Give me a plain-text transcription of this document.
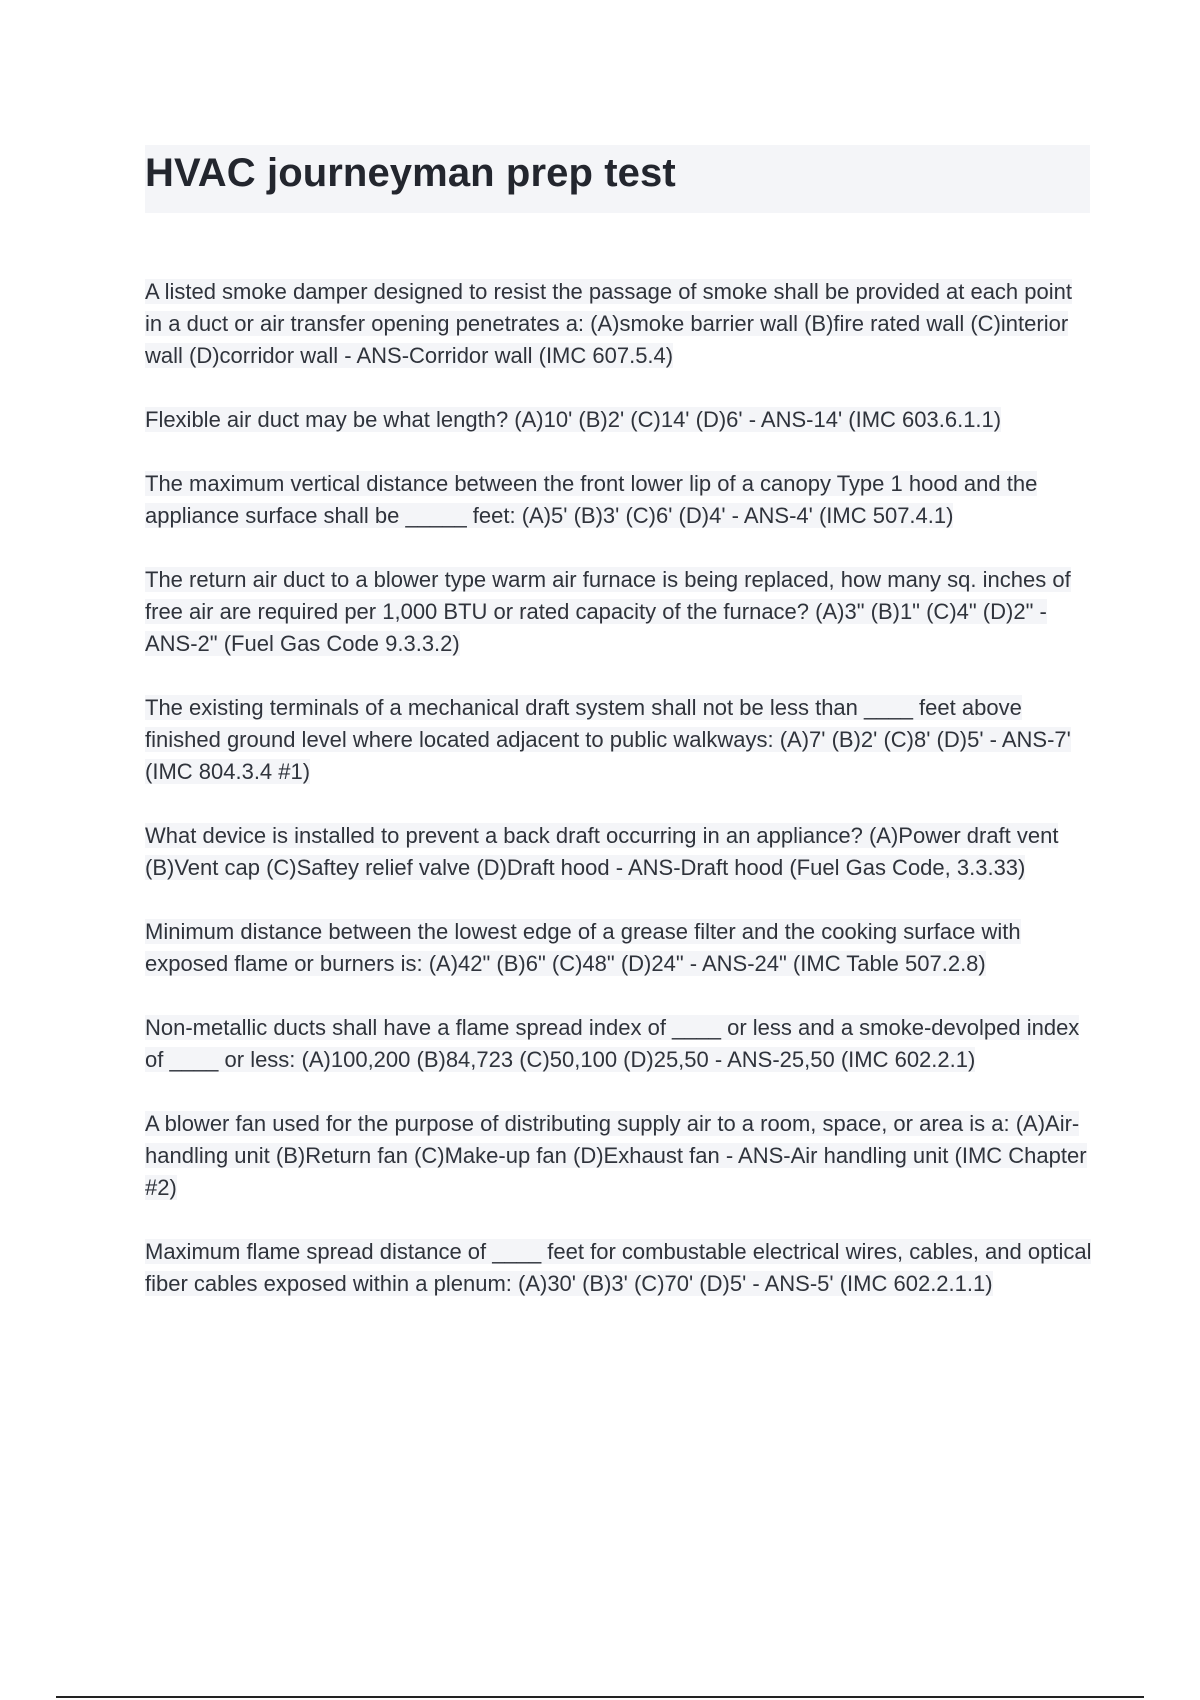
HVAC journeyman prep test

A listed smoke damper designed to resist the passage of smoke shall be provided at each point in a duct or air transfer opening penetrates a: (A)smoke barrier wall (B)fire rated wall (C)interior wall (D)corridor wall - ANS-Corridor wall (IMC 607.5.4)

Flexible air duct may be what length? (A)10' (B)2' (C)14' (D)6' - ANS-14' (IMC 603.6.1.1)

The maximum vertical distance between the front lower lip of a canopy Type 1 hood and the appliance surface shall be _____ feet: (A)5' (B)3' (C)6' (D)4' - ANS-4' (IMC 507.4.1)

The return air duct to a blower type warm air furnace is being replaced, how many sq. inches of free air are required per 1,000 BTU or rated capacity of the furnace? (A)3" (B)1" (C)4" (D)2" - ANS-2" (Fuel Gas Code 9.3.3.2)

The existing terminals of a mechanical draft system shall not be less than ____ feet above finished ground level where located adjacent to public walkways: (A)7' (B)2' (C)8' (D)5' - ANS-7' (IMC 804.3.4 #1)

What device is installed to prevent a back draft occurring in an appliance? (A)Power draft vent (B)Vent cap (C)Saftey relief valve (D)Draft hood - ANS-Draft hood (Fuel Gas Code, 3.3.33)

Minimum distance between the lowest edge of a grease filter and the cooking surface with exposed flame or burners is: (A)42" (B)6" (C)48" (D)24" - ANS-24" (IMC Table 507.2.8)

Non-metallic ducts shall have a flame spread index of ____ or less and a smoke-devolped index of ____ or less: (A)100,200 (B)84,723 (C)50,100 (D)25,50 - ANS-25,50 (IMC 602.2.1)

A blower fan used for the purpose of distributing supply air to a room, space, or area is a: (A)Air-handling unit (B)Return fan (C)Make-up fan (D)Exhaust fan - ANS-Air handling unit (IMC Chapter #2)

Maximum flame spread distance of ____ feet for combustable electrical wires, cables, and optical fiber cables exposed within a plenum: (A)30' (B)3' (C)70' (D)5' - ANS-5' (IMC 602.2.1.1)
